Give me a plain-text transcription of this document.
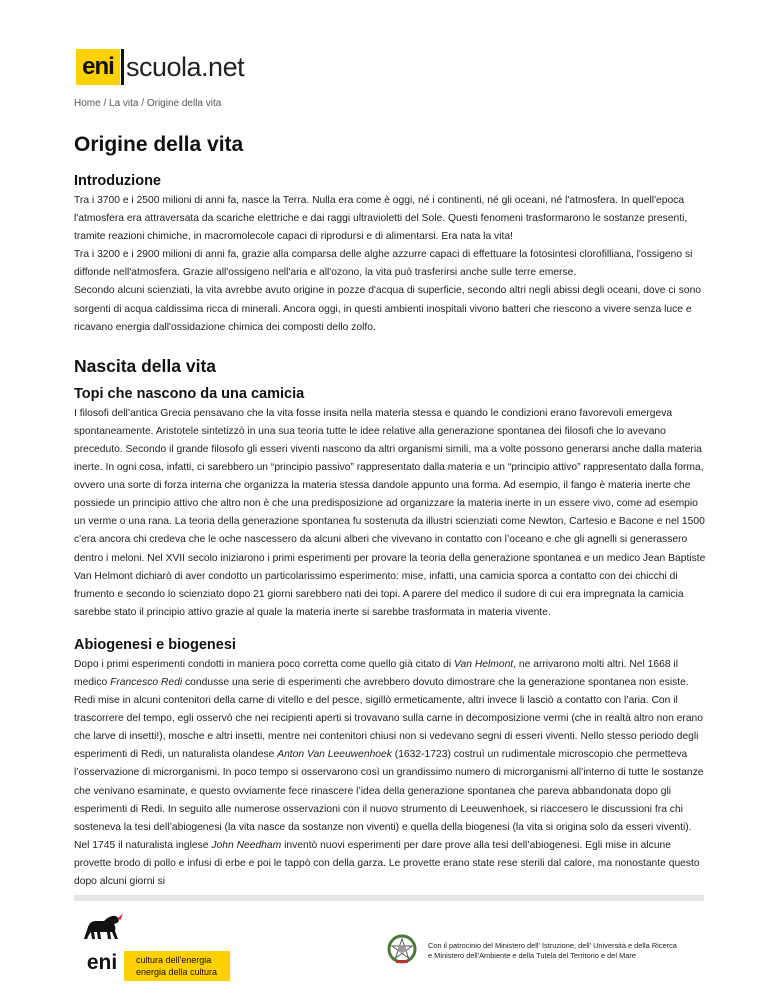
eni scuola.net
Home / La vita / Origine della vita
Origine della vita
Introduzione

Tra i 3700 e i 2500 milioni di anni fa, nasce la Terra. Nulla era come è oggi, né i continenti, né gli oceani, né l'atmosfera. In quell'epoca l'atmosfera era attraversata da scariche elettriche e dai raggi ultravioletti del Sole. Questi fenomeni trasformarono le sostanze presenti, tramite reazioni chimiche, in macromolecole capaci di riprodursi e di alimentarsi. Era nata la vita!
Tra i 3200 e i 2900 milioni di anni fa, grazie alla comparsa delle alghe azzurre capaci di effettuare la fotosintesi clorofilliana, l'ossigeno si diffonde nell'atmosfera. Grazie all'ossigeno nell'aria e all'ozono, la vita può trasferirsi anche sulle terre emerse.
Secondo alcuni scienziati, la vita avrebbe avuto origine in pozze d'acqua di superficie, secondo altri negli abissi degli oceani, dove ci sono sorgenti di acqua caldissima ricca di minerali. Ancora oggi, in questi ambienti inospitali vivono batteri che riescono a vivere senza luce e ricavano energia dall'ossidazione chimica dei composti dello zolfo.

Nascita della vita
Topi che nascono da una camicia

I filosofi dell’antica Grecia pensavano che la vita fosse insita nella materia stessa e quando le condizioni erano favorevoli emergeva spontaneamente. Aristotele sintetizzò in una sua teoria tutte le idee relative alla generazione spontanea dei filosofi che lo avevano preceduto. Secondo il grande filosofo gli esseri viventi nascono da altri organismi simili, ma a volte possono generarsi anche dalla materia inerte. In ogni cosa, infatti, ci sarebbero un “principio passivo” rappresentato dalla materia e un “principio attivo” rappresentato dalla forma, ovvero una sorte di forza interna che organizza la materia stessa dandole appunto una forma. Ad esempio, il fango è materia inerte che possiede un principio attivo che altro non è che una predisposizione ad organizzare la materia inerte in un essere vivo, come ad esempio un verme o una rana. La teoria della generazione spontanea fu sostenuta da illustri scienziati come Newton, Cartesio e Bacone e nel 1500 c'era ancora chi credeva che le oche nascessero da alcuni alberi che vivevano in contatto con l’oceano e che gli agnelli si generassero dentro i meloni. Nel XVII secolo iniziarono i primi esperimenti per provare la teoria della generazione spontanea e un medico Jean Baptiste Van Helmont dichiarò di aver condotto un particolarissimo esperimento: mise, infatti, una camicia sporca a contatto con dei chicchi di frumento e secondo lo scienziato dopo 21 giorni sarebbero nati dei topi. A parere del medico il sudore di cui era impregnata la camicia sarebbe stato il principio attivo grazie al quale la materia inerte si sarebbe trasformata in materia vivente.

Abiogenesi e biogenesi

Dopo i primi esperimenti condotti in maniera poco corretta come quello già citato di Van Helmont, ne arrivarono molti altri. Nel 1668 il medico Francesco Redi condusse una serie di esperimenti che avrebbero dovuto dimostrare che la generazione spontanea non esiste. Redi mise in alcuni contenitori della carne di vitello e del pesce, sigillò ermeticamente, altri invece li lasciò a contatto con l’aria. Con il trascorrere del tempo, egli osservò che nei recipienti aperti si trovavano sulla carne in decomposizione vermi (che in realtà altro non erano che larve di insetti!), mosche e altri insetti, mentre nei contenitori chiusi non si vedevano segni di esseri viventi. Nello stesso periodo degli esperimenti di Redi, un naturalista olandese Anton Van Leeuwenhoek (1632-1723) costruì un rudimentale microscopio che permetteva l’osservazione di microrganismi. In poco tempo si osservarono così un grandissimo numero di microrganismi all’interno di tutte le sostanze che venivano esaminate, e questo ovviamente fece rinascere l’idea della generazione spontanea che pareva abbandonata dopo gli esperimenti di Redi. In seguito alle numerose osservazioni con il nuovo strumento di Leeuwenhoek, si riaccesero le discussioni fra chi sosteneva la tesi dell’abiogenesi (la vita nasce da sostanze non viventi) e quella della biogenesi (la vita si origina solo da esseri viventi). Nel 1745 il naturalista inglese John Needham inventò nuovi esperimenti per dare prove alla tesi dell’abiogenesi. Egli mise in alcune provette brodo di pollo e infusi di erbe e poi le tappò con della garza. Le provette erano state rese sterili dal calore, ma nonostante questo dopo alcuni giorni si

eni cultura dell'energia
energia della cultura
Con il patrocinio del Ministero dell' Istruzione, dell' Università e della Ricerca
e Ministero dell'Ambiente e della Tutela del Territorio e del Mare
